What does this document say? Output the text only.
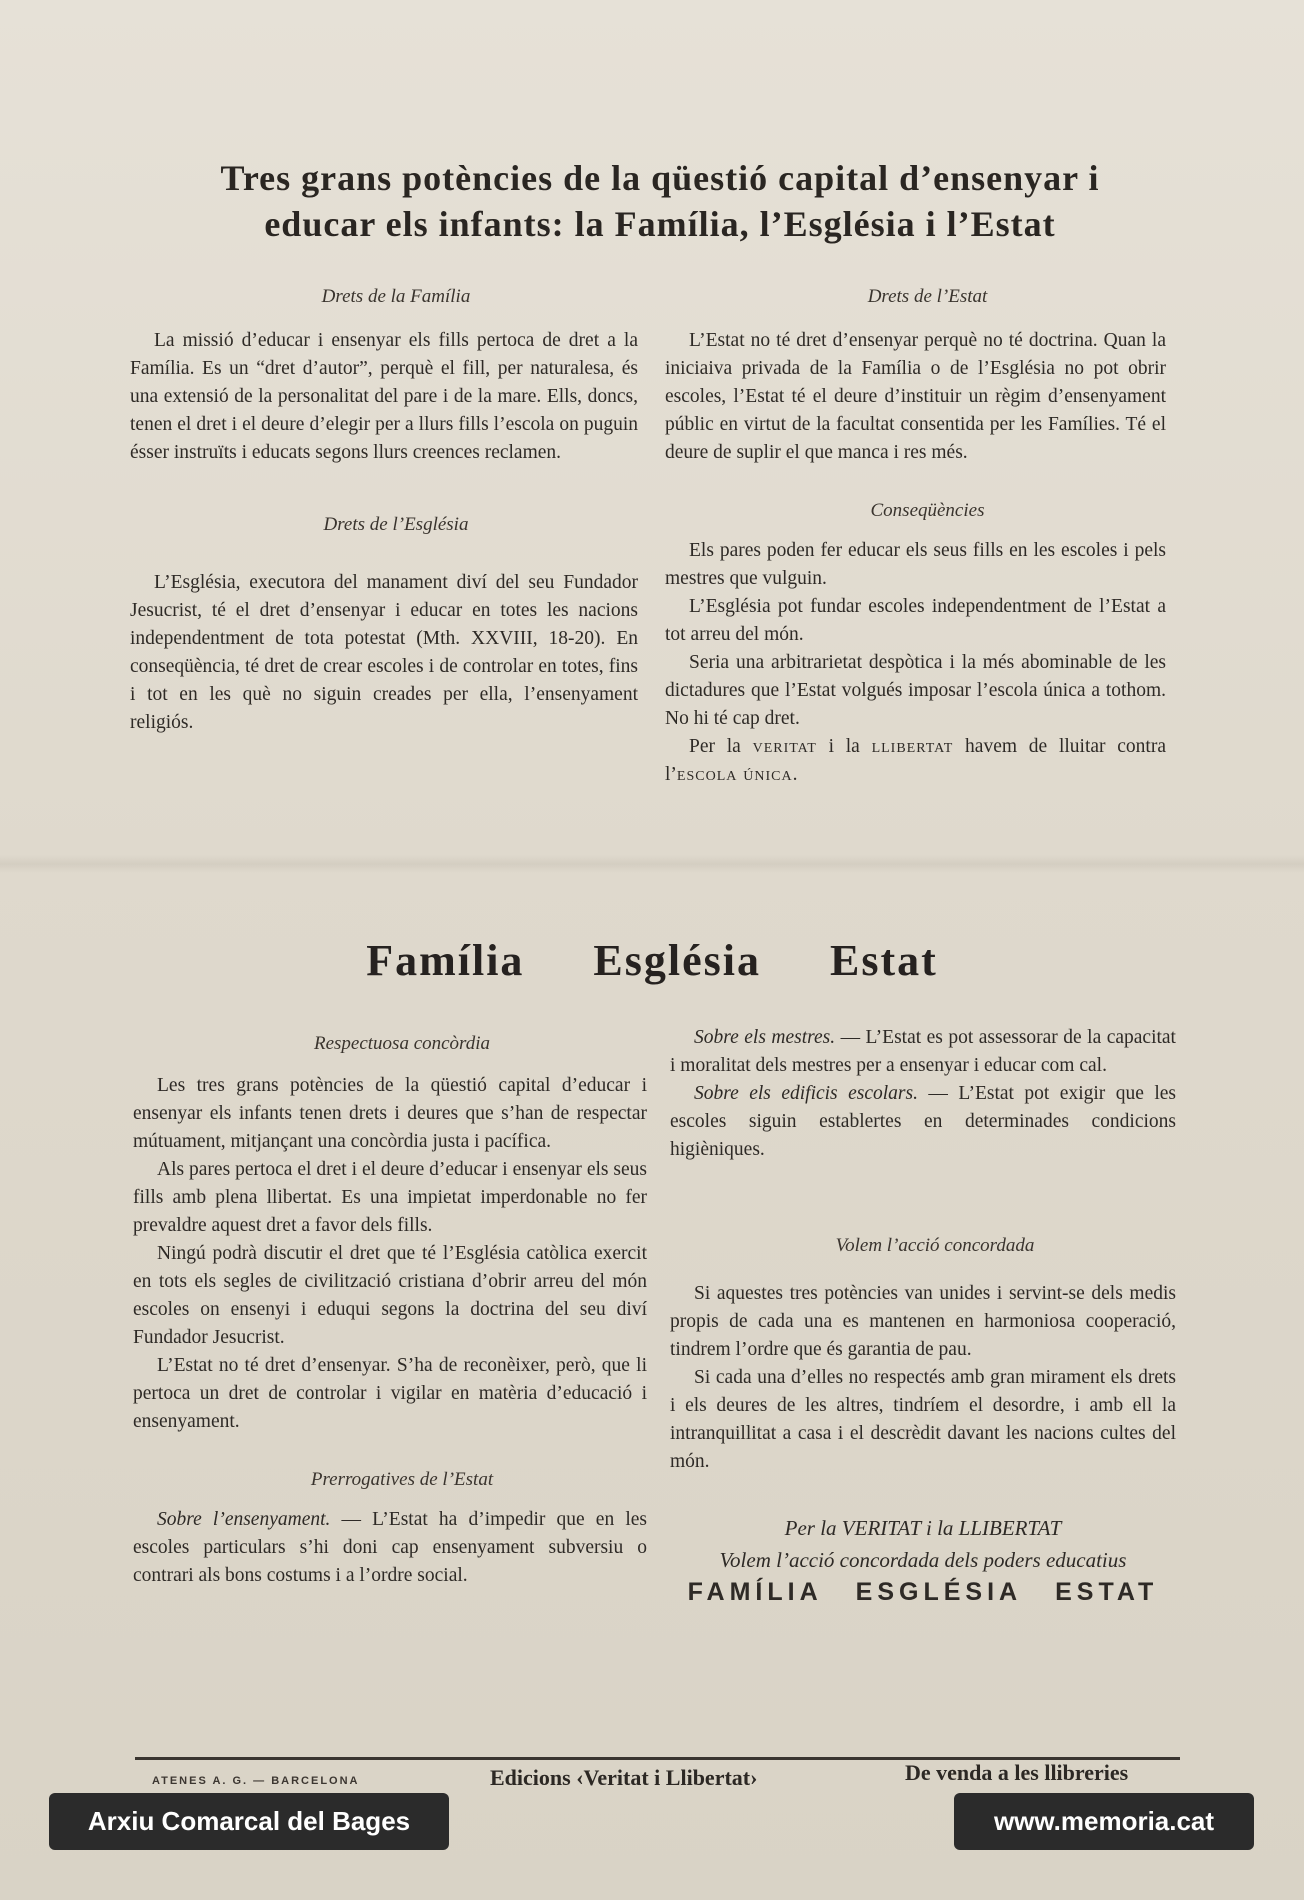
Tres grans potències de la qüestió capital d’ensenyar i
educar els infants: la Família, l’Església i l’Estat

Drets de la Família

La missió d’educar i ensenyar els fills pertoca de dret a la Família. Es un “dret d’autor”, perquè el fill, per naturalesa, és una extensió de la personalitat del pare i de la mare. Ells, doncs, tenen el dret i el deure d’elegir per a llurs fills l’escola on puguin ésser instruïts i educats segons llurs creences reclamen.

Drets de l’Església

L’Església, executora del manament diví del seu Fundador Jesucrist, té el dret d’ensenyar i educar en totes les nacions independentment de tota potestat (Mth. XXVIII, 18-20). En conseqüència, té dret de crear escoles i de controlar en totes, fins i tot en les què no siguin creades per ella, l’ensenyament religiós.

Drets de l’Estat

L’Estat no té dret d’ensenyar perquè no té doctrina. Quan la iniciaiva privada de la Família o de l’Església no pot obrir escoles, l’Estat té el deure d’instituir un règim d’ensenyament públic en virtut de la facultat consentida per les Famílies. Té el deure de suplir el que manca i res més.

Conseqüències

Els pares poden fer educar els seus fills en les escoles i pels mestres que vulguin.

L’Església pot fundar escoles independentment de l’Estat a tot arreu del món.

Seria una arbitrarietat despòtica i la més abominable de les dictadures que l’Estat volgués imposar l’escola única a tothom. No hi té cap dret.

Per la veritat i la llibertat havem de lluitar contra l’escola única.

Família Església Estat

Respectuosa concòrdia

Les tres grans potències de la qüestió capital d’educar i ensenyar els infants tenen drets i deures que s’han de respectar mútuament, mitjançant una concòrdia justa i pacífica.

Als pares pertoca el dret i el deure d’educar i ensenyar els seus fills amb plena llibertat. Es una impietat imperdonable no fer prevaldre aquest dret a favor dels fills.

Ningú podrà discutir el dret que té l’Església catòlica exercit en tots els segles de civilització cristiana d’obrir arreu del món escoles on ensenyi i eduqui segons la doctrina del seu diví Fundador Jesucrist.

L’Estat no té dret d’ensenyar. S’ha de reconèixer, però, que li pertoca un dret de controlar i vigilar en matèria d’educació i ensenyament.

Prerrogatives de l’Estat

Sobre l’ensenyament. — L’Estat ha d’impedir que en les escoles particulars s’hi doni cap ensenyament subversiu o contrari als bons costums i a l’ordre social.

Sobre els mestres. — L’Estat es pot assessorar de la capacitat i moralitat dels mestres per a ensenyar i educar com cal.

Sobre els edificis escolars. — L’Estat pot exigir que les escoles siguin establertes en determinades condicions higièniques.

Volem l’acció concordada

Si aquestes tres potències van unides i servint-se dels medis propis de cada una es mantenen en harmoniosa cooperació, tindrem l’ordre que és garantia de pau.

Si cada una d’elles no respectés amb gran mirament els drets i els deures de les altres, tindríem el desordre, i amb ell la intranquillitat a casa i el descrèdit davant les nacions cultes del món.

Per la VERITAT i la LLIBERTAT
Volem l’acció concordada dels poders educatius
FAMÍLIA ESGLÉSIA ESTAT
ATENES A. G. — BARCELONA	Edicions ‹Veritat i Llibertat›	De venda a les llibreries
Arxiu Comarcal del Bages	www.memoria.cat
